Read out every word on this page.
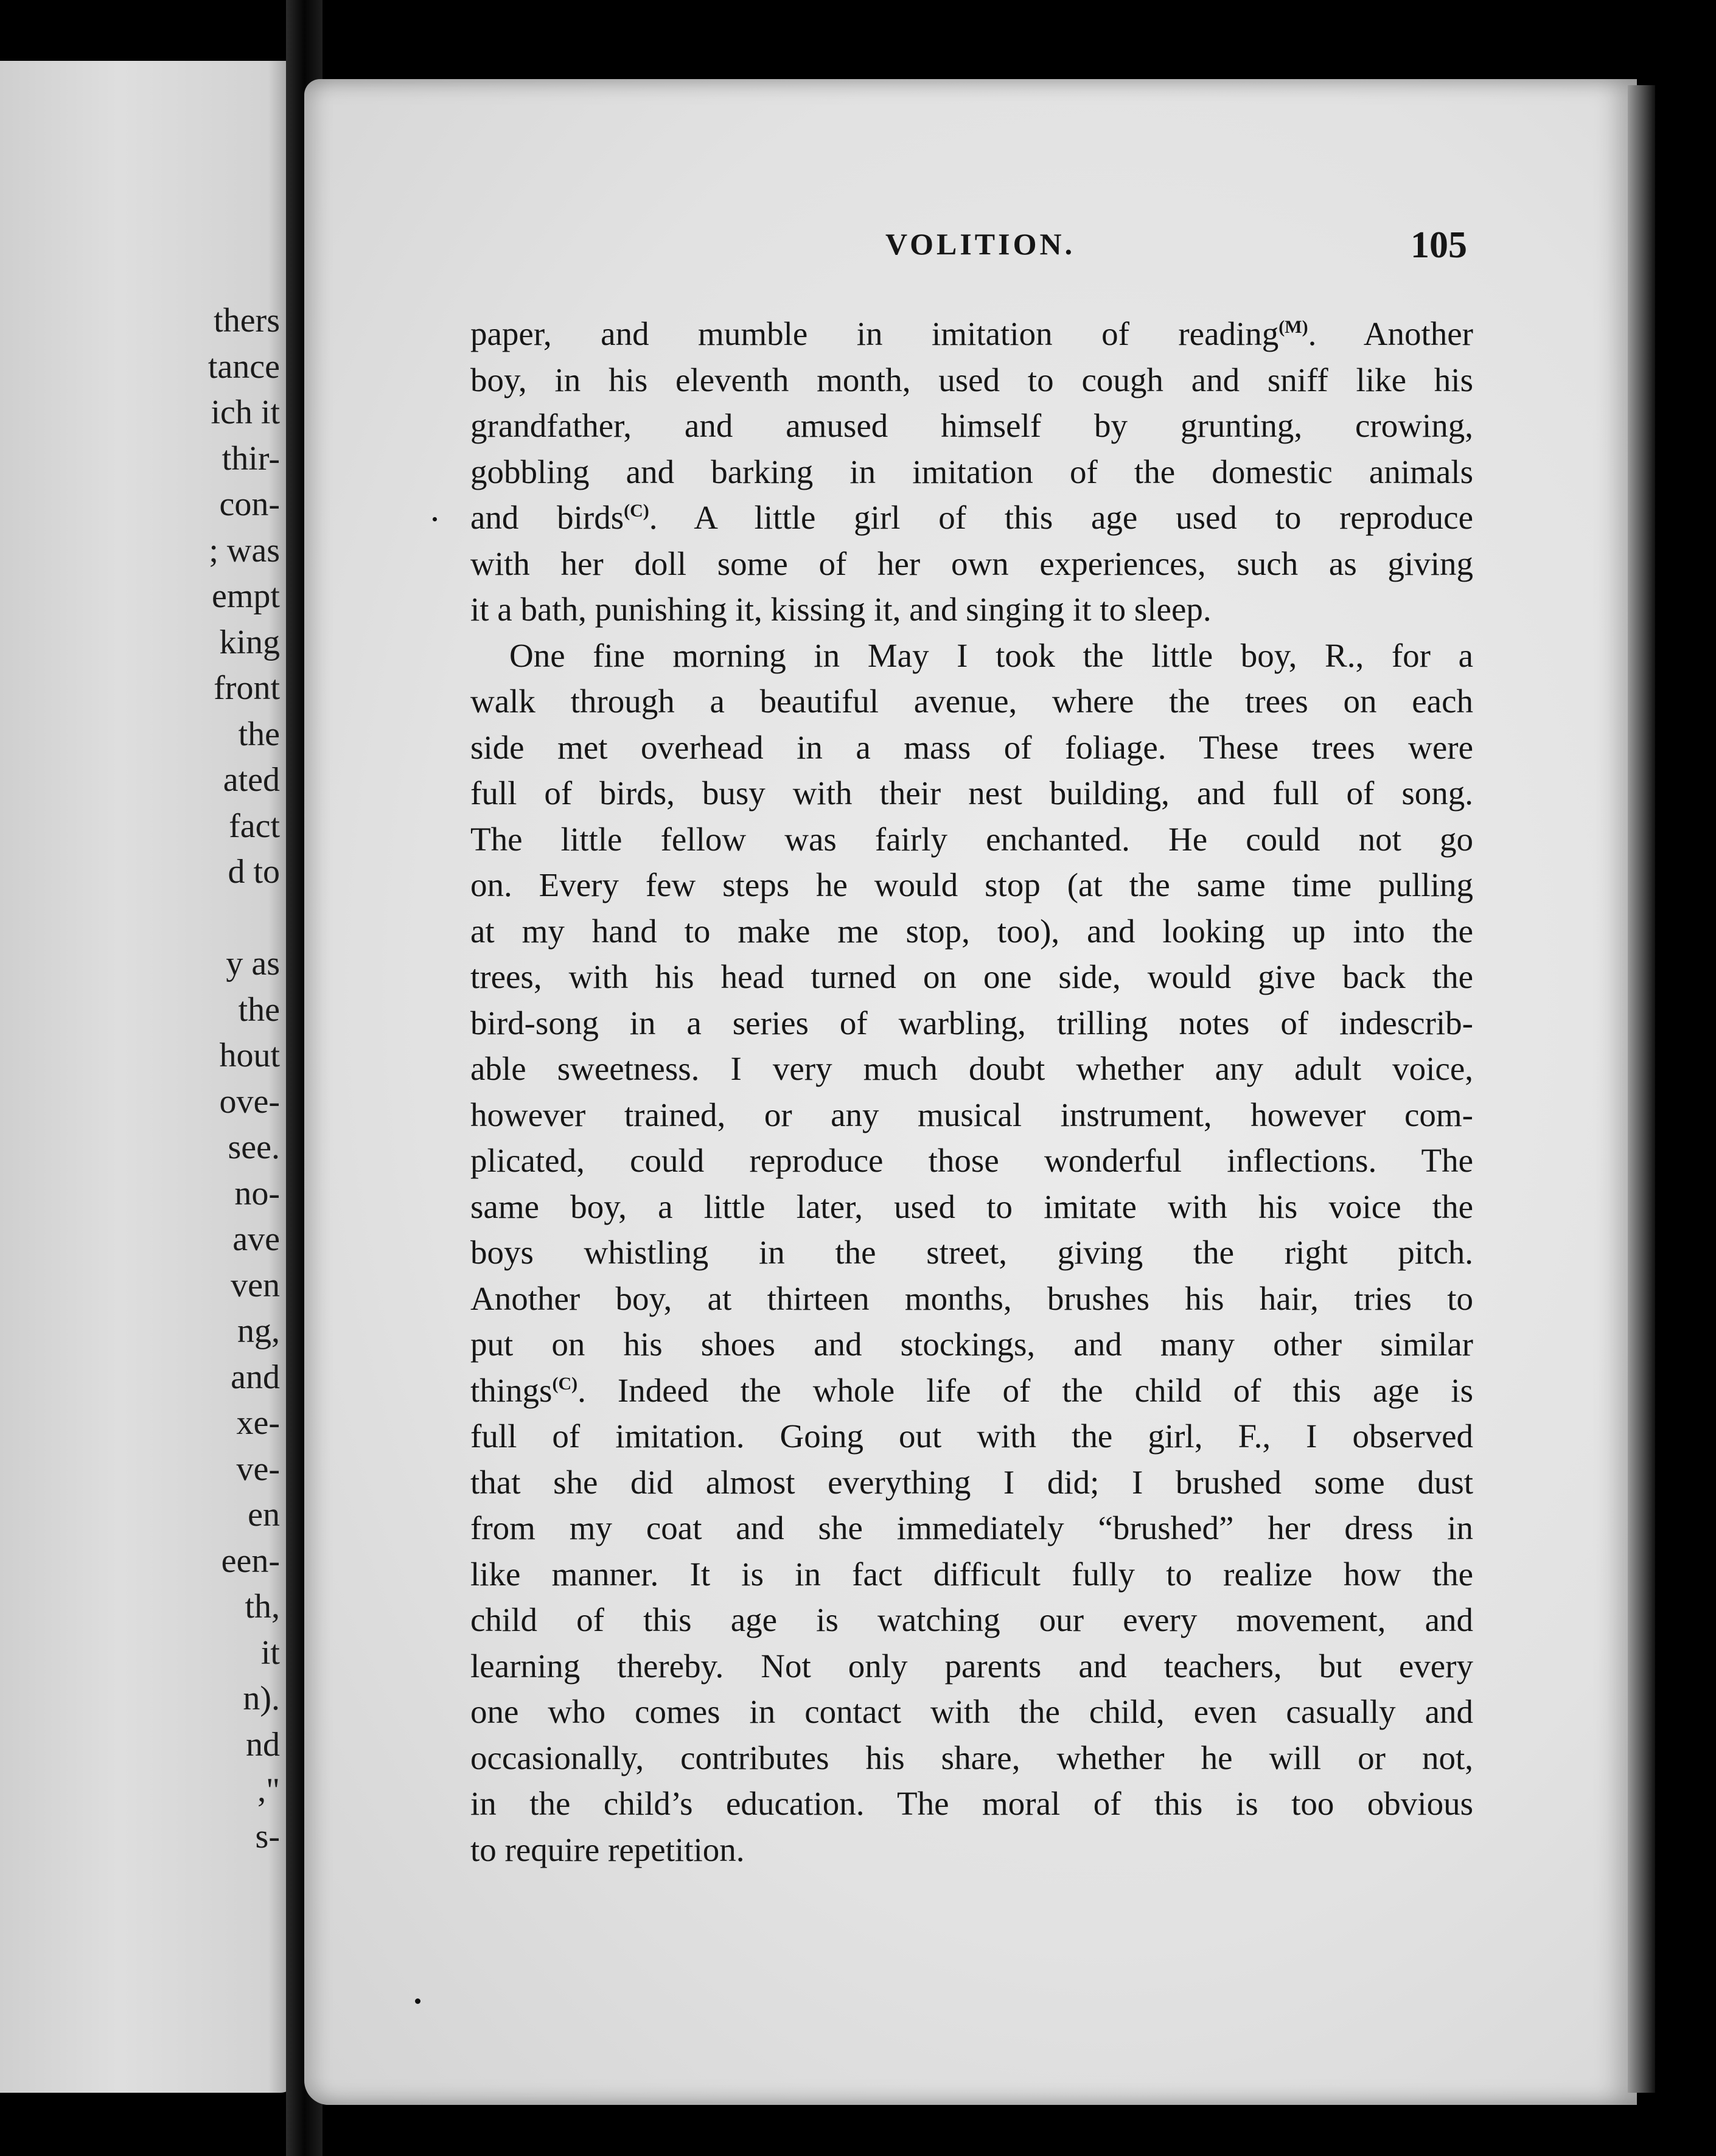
thers
tance
ich it
thir-
con-
; was
empt
king
front
the
ated
fact
d to

y as
the
hout
ove-
see.
no-
ave
ven
ng,
and
xe-
ve-
en
een-
th,
it
n).
nd
,"
s-
VOLITION.	105
paper, and mumble in imitation of reading$^{(M)}$. Another
boy, in his eleventh month, used to cough and sniff like his
grandfather, and amused himself by grunting, crowing,
gobbling and barking in imitation of the domestic animals
and birds$^{(C)}$. A little girl of this age used to reproduce
with her doll some of her own experiences, such as giving
it a bath, punishing it, kissing it, and singing it to sleep.
One fine morning in May I took the little boy, R., for a
walk through a beautiful avenue, where the trees on each
side met overhead in a mass of foliage. These trees were
full of birds, busy with their nest building, and full of song.
The little fellow was fairly enchanted. He could not go
on. Every few steps he would stop (at the same time pulling
at my hand to make me stop, too), and looking up into the
trees, with his head turned on one side, would give back the
bird-song in a series of warbling, trilling notes of indescrib-
able sweetness. I very much doubt whether any adult voice,
however trained, or any musical instrument, however com-
plicated, could reproduce those wonderful inflections. The
same boy, a little later, used to imitate with his voice the
boys whistling in the street, giving the right pitch.
Another boy, at thirteen months, brushes his hair, tries to
put on his shoes and stockings, and many other similar
things$^{(C)}$. Indeed the whole life of the child of this age is
full of imitation. Going out with the girl, F., I observed
that she did almost everything I did; I brushed some dust
from my coat and she immediately “brushed” her dress in
like manner. It is in fact difficult fully to realize how the
child of this age is watching our every movement, and
learning thereby. Not only parents and teachers, but every
one who comes in contact with the child, even casually and
occasionally, contributes his share, whether he will or not,
in the child’s education. The moral of this is too obvious
to require repetition.
